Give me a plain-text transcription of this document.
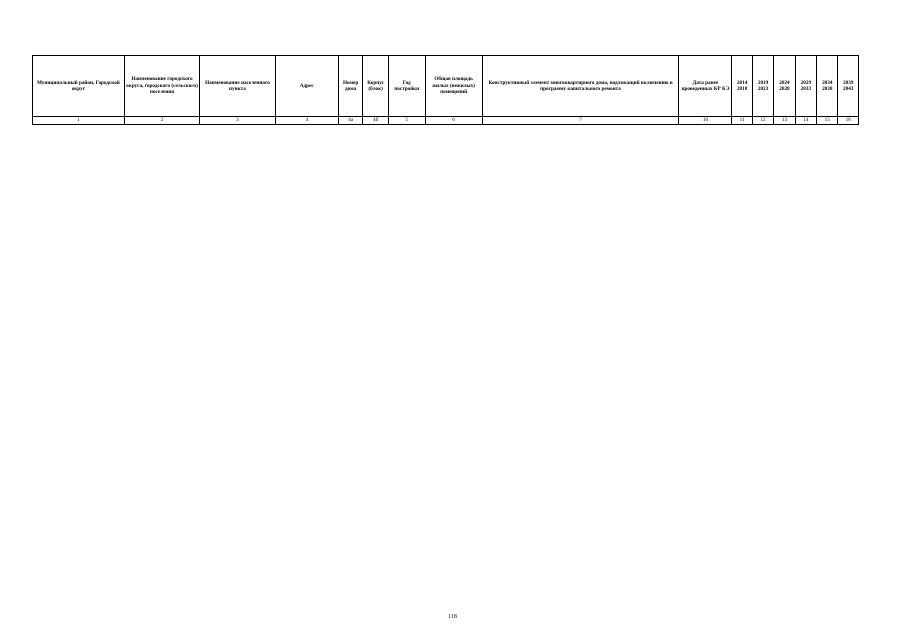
Муниципальный район, Городской округ	Наименование городского округа, городского (сельского) поселения	Наименование населенного пункта	Адрес	Номер дома	Корпус (блок)	Год постройки	Общая площадь жилых (нежилых) помещений	Конструктивный элемент многоквартирного дома, подлежащий включению в программу капитального ремонта	Дата ранее проведенных КР КЭ	2014 2018	2019 2023	2024 2028	2029 2033	2034 2038	2039 2043
1	2	3	4	4а	4б	5	6	7	10	11	12	13	14	15	16
118
